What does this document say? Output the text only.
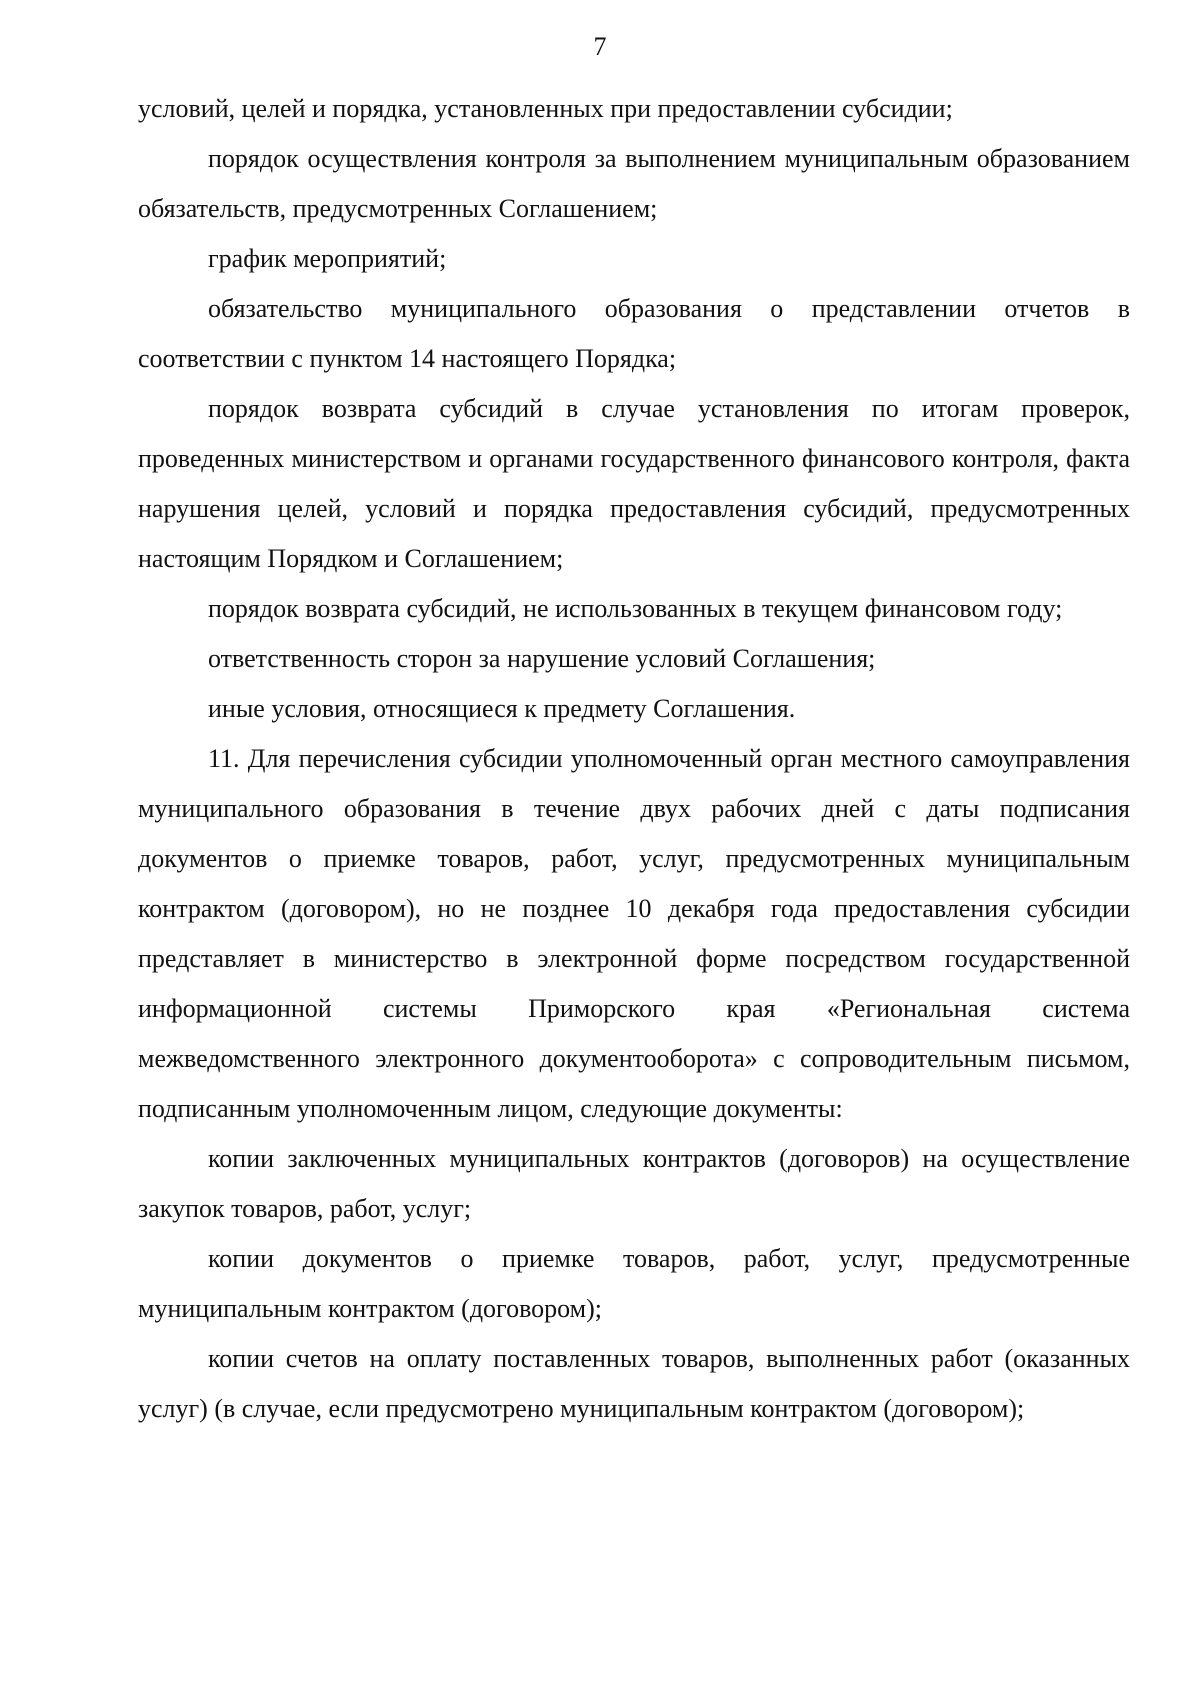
7

условий, целей и порядка, установленных при предоставлении субсидии;

порядок осуществления контроля за выполнением муниципальным образованием обязательств, предусмотренных Соглашением;

график мероприятий;

обязательство муниципального образования о представлении отчетов в соответствии с пунктом 14 настоящего Порядка;

порядок возврата субсидий в случае установления по итогам проверок, проведенных министерством и органами государственного финансового контроля, факта нарушения целей, условий и порядка предоставления субсидий, предусмотренных настоящим Порядком и Соглашением;

порядок возврата субсидий, не использованных в текущем финансовом году;

ответственность сторон за нарушение условий Соглашения;

иные условия, относящиеся к предмету Соглашения.

11. Для перечисления субсидии уполномоченный орган местного самоуправления муниципального образования в течение двух рабочих дней с даты подписания документов о приемке товаров, работ, услуг, предусмотренных муниципальным контрактом (договором), но не позднее 10 декабря года предоставления субсидии представляет в министерство в электронной форме посредством государственной информационной системы Приморского края «Региональная система межведомственного электронного документооборота» с сопроводительным письмом, подписанным уполномоченным лицом, следующие документы:

копии заключенных муниципальных контрактов (договоров) на осуществление закупок товаров, работ, услуг;

копии документов о приемке товаров, работ, услуг, предусмотренные муниципальным контрактом (договором);

копии счетов на оплату поставленных товаров, выполненных работ (оказанных услуг) (в случае, если предусмотрено муниципальным контрактом (договором);
